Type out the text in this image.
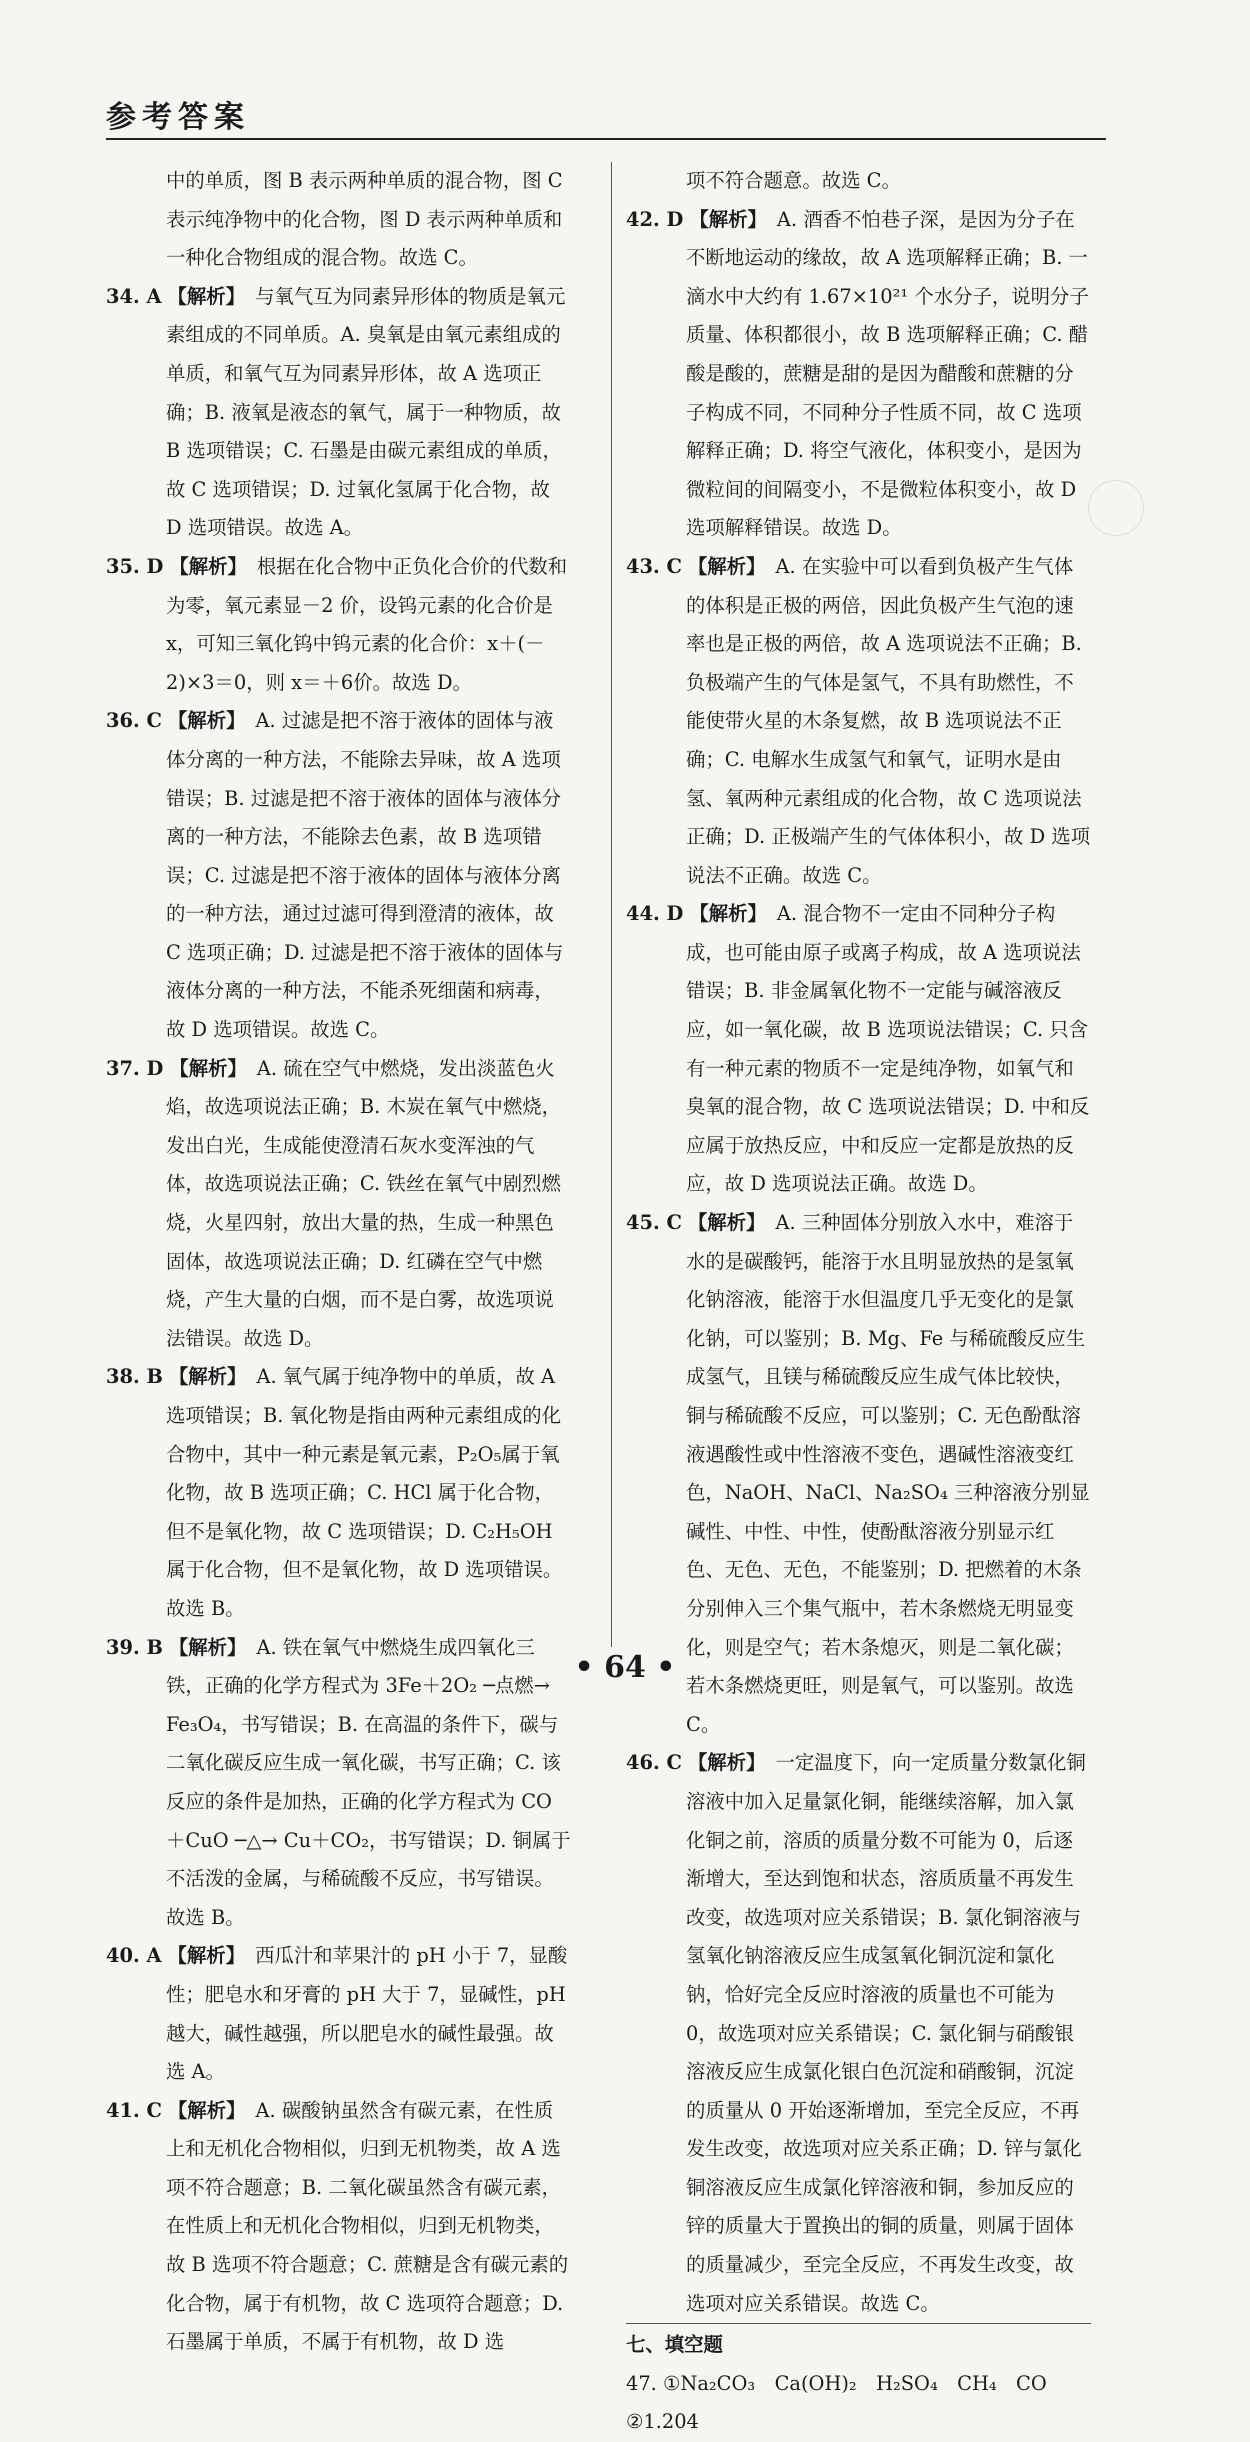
参考答案

中的单质，图 B 表示两种单质的混合物，图 C 表示纯净物中的化合物，图 D 表示两种单质和一种化合物组成的混合物。故选 C。

34. A 【解析】 与氧气互为同素异形体的物质是氧元素组成的不同单质。A. 臭氧是由氧元素组成的单质，和氧气互为同素异形体，故 A 选项正确；B. 液氧是液态的氧气，属于一种物质，故 B 选项错误；C. 石墨是由碳元素组成的单质，故 C 选项错误；D. 过氧化氢属于化合物，故 D 选项错误。故选 A。

35. D 【解析】 根据在化合物中正负化合价的代数和为零，氧元素显－2 价，设钨元素的化合价是 x，可知三氧化钨中钨元素的化合价：x＋(－2)×3＝0，则 x＝＋6价。故选 D。

36. C 【解析】 A. 过滤是把不溶于液体的固体与液体分离的一种方法，不能除去异味，故 A 选项错误；B. 过滤是把不溶于液体的固体与液体分离的一种方法，不能除去色素，故 B 选项错误；C. 过滤是把不溶于液体的固体与液体分离的一种方法，通过过滤可得到澄清的液体，故 C 选项正确；D. 过滤是把不溶于液体的固体与液体分离的一种方法，不能杀死细菌和病毒，故 D 选项错误。故选 C。

37. D 【解析】 A. 硫在空气中燃烧，发出淡蓝色火焰，故选项说法正确；B. 木炭在氧气中燃烧，发出白光，生成能使澄清石灰水变浑浊的气体，故选项说法正确；C. 铁丝在氧气中剧烈燃烧，火星四射，放出大量的热，生成一种黑色固体，故选项说法正确；D. 红磷在空气中燃烧，产生大量的白烟，而不是白雾，故选项说法错误。故选 D。

38. B 【解析】 A. 氧气属于纯净物中的单质，故 A 选项错误；B. 氧化物是指由两种元素组成的化合物中，其中一种元素是氧元素，P₂O₅属于氧化物，故 B 选项正确；C. HCl 属于化合物，但不是氧化物，故 C 选项错误；D. C₂H₅OH 属于化合物，但不是氧化物，故 D 选项错误。故选 B。

39. B 【解析】 A. 铁在氧气中燃烧生成四氧化三铁，正确的化学方程式为 3Fe＋2O₂ ─点燃→ Fe₃O₄，书写错误；B. 在高温的条件下，碳与二氧化碳反应生成一氧化碳，书写正确；C. 该反应的条件是加热，正确的化学方程式为 CO＋CuO ─△→ Cu＋CO₂，书写错误；D. 铜属于不活泼的金属，与稀硫酸不反应，书写错误。故选 B。

40. A 【解析】 西瓜汁和苹果汁的 pH 小于 7，显酸性；肥皂水和牙膏的 pH 大于 7，显碱性，pH 越大，碱性越强，所以肥皂水的碱性最强。故选 A。

41. C 【解析】 A. 碳酸钠虽然含有碳元素，在性质上和无机化合物相似，归到无机物类，故 A 选项不符合题意；B. 二氧化碳虽然含有碳元素，在性质上和无机化合物相似，归到无机物类，故 B 选项不符合题意；C. 蔗糖是含有碳元素的化合物，属于有机物，故 C 选项符合题意；D. 石墨属于单质，不属于有机物，故 D 选

项不符合题意。故选 C。

42. D 【解析】 A. 酒香不怕巷子深，是因为分子在不断地运动的缘故，故 A 选项解释正确；B. 一滴水中大约有 1.67×10²¹ 个水分子，说明分子质量、体积都很小，故 B 选项解释正确；C. 醋酸是酸的，蔗糖是甜的是因为醋酸和蔗糖的分子构成不同，不同种分子性质不同，故 C 选项解释正确；D. 将空气液化，体积变小，是因为微粒间的间隔变小，不是微粒体积变小，故 D 选项解释错误。故选 D。

43. C 【解析】 A. 在实验中可以看到负极产生气体的体积是正极的两倍，因此负极产生气泡的速率也是正极的两倍，故 A 选项说法不正确；B. 负极端产生的气体是氢气，不具有助燃性，不能使带火星的木条复燃，故 B 选项说法不正确；C. 电解水生成氢气和氧气，证明水是由氢、氧两种元素组成的化合物，故 C 选项说法正确；D. 正极端产生的气体体积小，故 D 选项说法不正确。故选 C。

44. D 【解析】 A. 混合物不一定由不同种分子构成，也可能由原子或离子构成，故 A 选项说法错误；B. 非金属氧化物不一定能与碱溶液反应，如一氧化碳，故 B 选项说法错误；C. 只含有一种元素的物质不一定是纯净物，如氧气和臭氧的混合物，故 C 选项说法错误；D. 中和反应属于放热反应，中和反应一定都是放热的反应，故 D 选项说法正确。故选 D。

45. C 【解析】 A. 三种固体分别放入水中，难溶于水的是碳酸钙，能溶于水且明显放热的是氢氧化钠溶液，能溶于水但温度几乎无变化的是氯化钠，可以鉴别；B. Mg、Fe 与稀硫酸反应生成氢气，且镁与稀硫酸反应生成气体比较快，铜与稀硫酸不反应，可以鉴别；C. 无色酚酞溶液遇酸性或中性溶液不变色，遇碱性溶液变红色，NaOH、NaCl、Na₂SO₄ 三种溶液分别显碱性、中性、中性，使酚酞溶液分别显示红色、无色、无色，不能鉴别；D. 把燃着的木条分别伸入三个集气瓶中，若木条燃烧无明显变化，则是空气；若木条熄灭，则是二氧化碳；若木条燃烧更旺，则是氧气，可以鉴别。故选 C。

46. C 【解析】 一定温度下，向一定质量分数氯化铜溶液中加入足量氯化铜，能继续溶解，加入氯化铜之前，溶质的质量分数不可能为 0，后逐渐增大，至达到饱和状态，溶质质量不再发生改变，故选项对应关系错误；B. 氯化铜溶液与氢氧化钠溶液反应生成氢氧化铜沉淀和氯化钠，恰好完全反应时溶液的质量也不可能为 0，故选项对应关系错误；C. 氯化铜与硝酸银溶液反应生成氯化银白色沉淀和硝酸铜，沉淀的质量从 0 开始逐渐增加，至完全反应，不再发生改变，故选项对应关系正确；D. 锌与氯化铜溶液反应生成氯化锌溶液和铜，参加反应的锌的质量大于置换出的铜的质量，则属于固体的质量减少，至完全反应，不再发生改变，故选项对应关系错误。故选 C。

七、填空题

47. ①Na₂CO₃　Ca(OH)₂　H₂SO₄　CH₄　CO　②1.204

• 64 •
